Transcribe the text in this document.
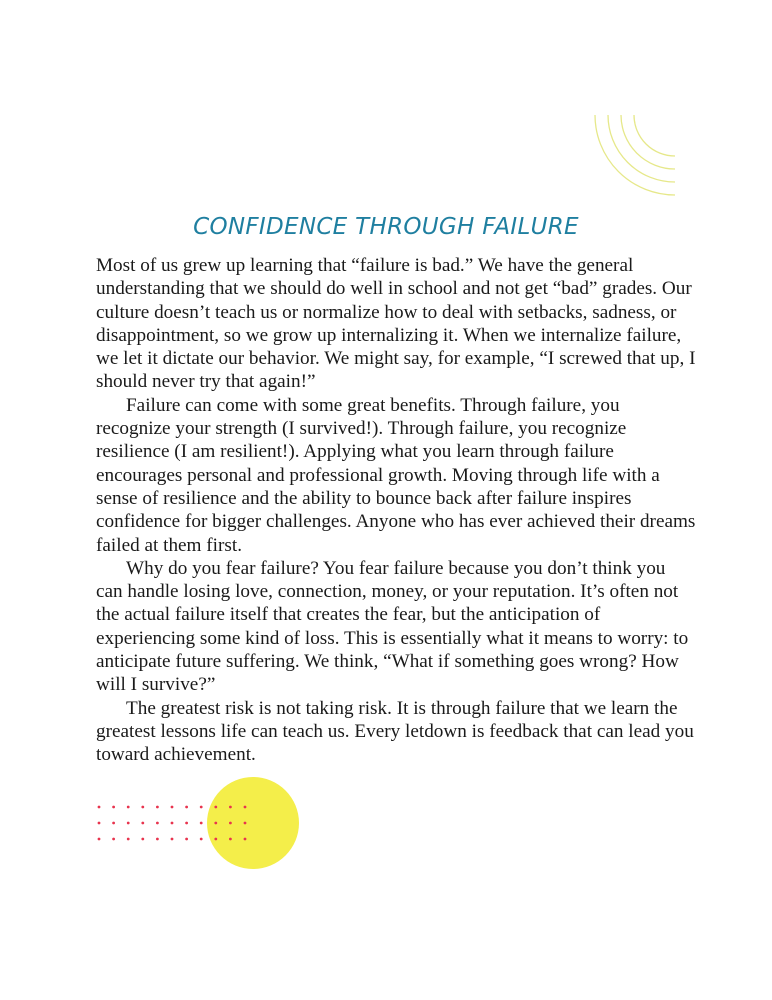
CONFIDENCE THROUGH FAILURE

Most of us grew up learning that “failure is bad.” We have the general understanding that we should do well in school and not get “bad” grades. Our culture doesn’t teach us or normalize how to deal with setbacks, sadness, or disappointment, so we grow up internalizing it. When we internalize failure, we let it dictate our behavior. We might say, for example, “I screwed that up, I should never try that again!”

Failure can come with some great benefits. Through failure, you recognize your strength (I survived!). Through failure, you recognize resilience (I am resilient!). Applying what you learn through failure encourages personal and professional growth. Moving through life with a sense of resilience and the ability to bounce back after failure inspires confidence for bigger challenges. Anyone who has ever achieved their dreams failed at them first.

Why do you fear failure? You fear failure because you don’t think you can handle losing love, connection, money, or your reputation. It’s often not the actual failure itself that creates the fear, but the anticipation of experiencing some kind of loss. This is essentially what it means to worry: to anticipate future suffering. We think, “What if something goes wrong? How will I survive?”

The greatest risk is not taking risk. It is through failure that we learn the greatest lessons life can teach us. Every letdown is feedback that can lead you toward achievement.
